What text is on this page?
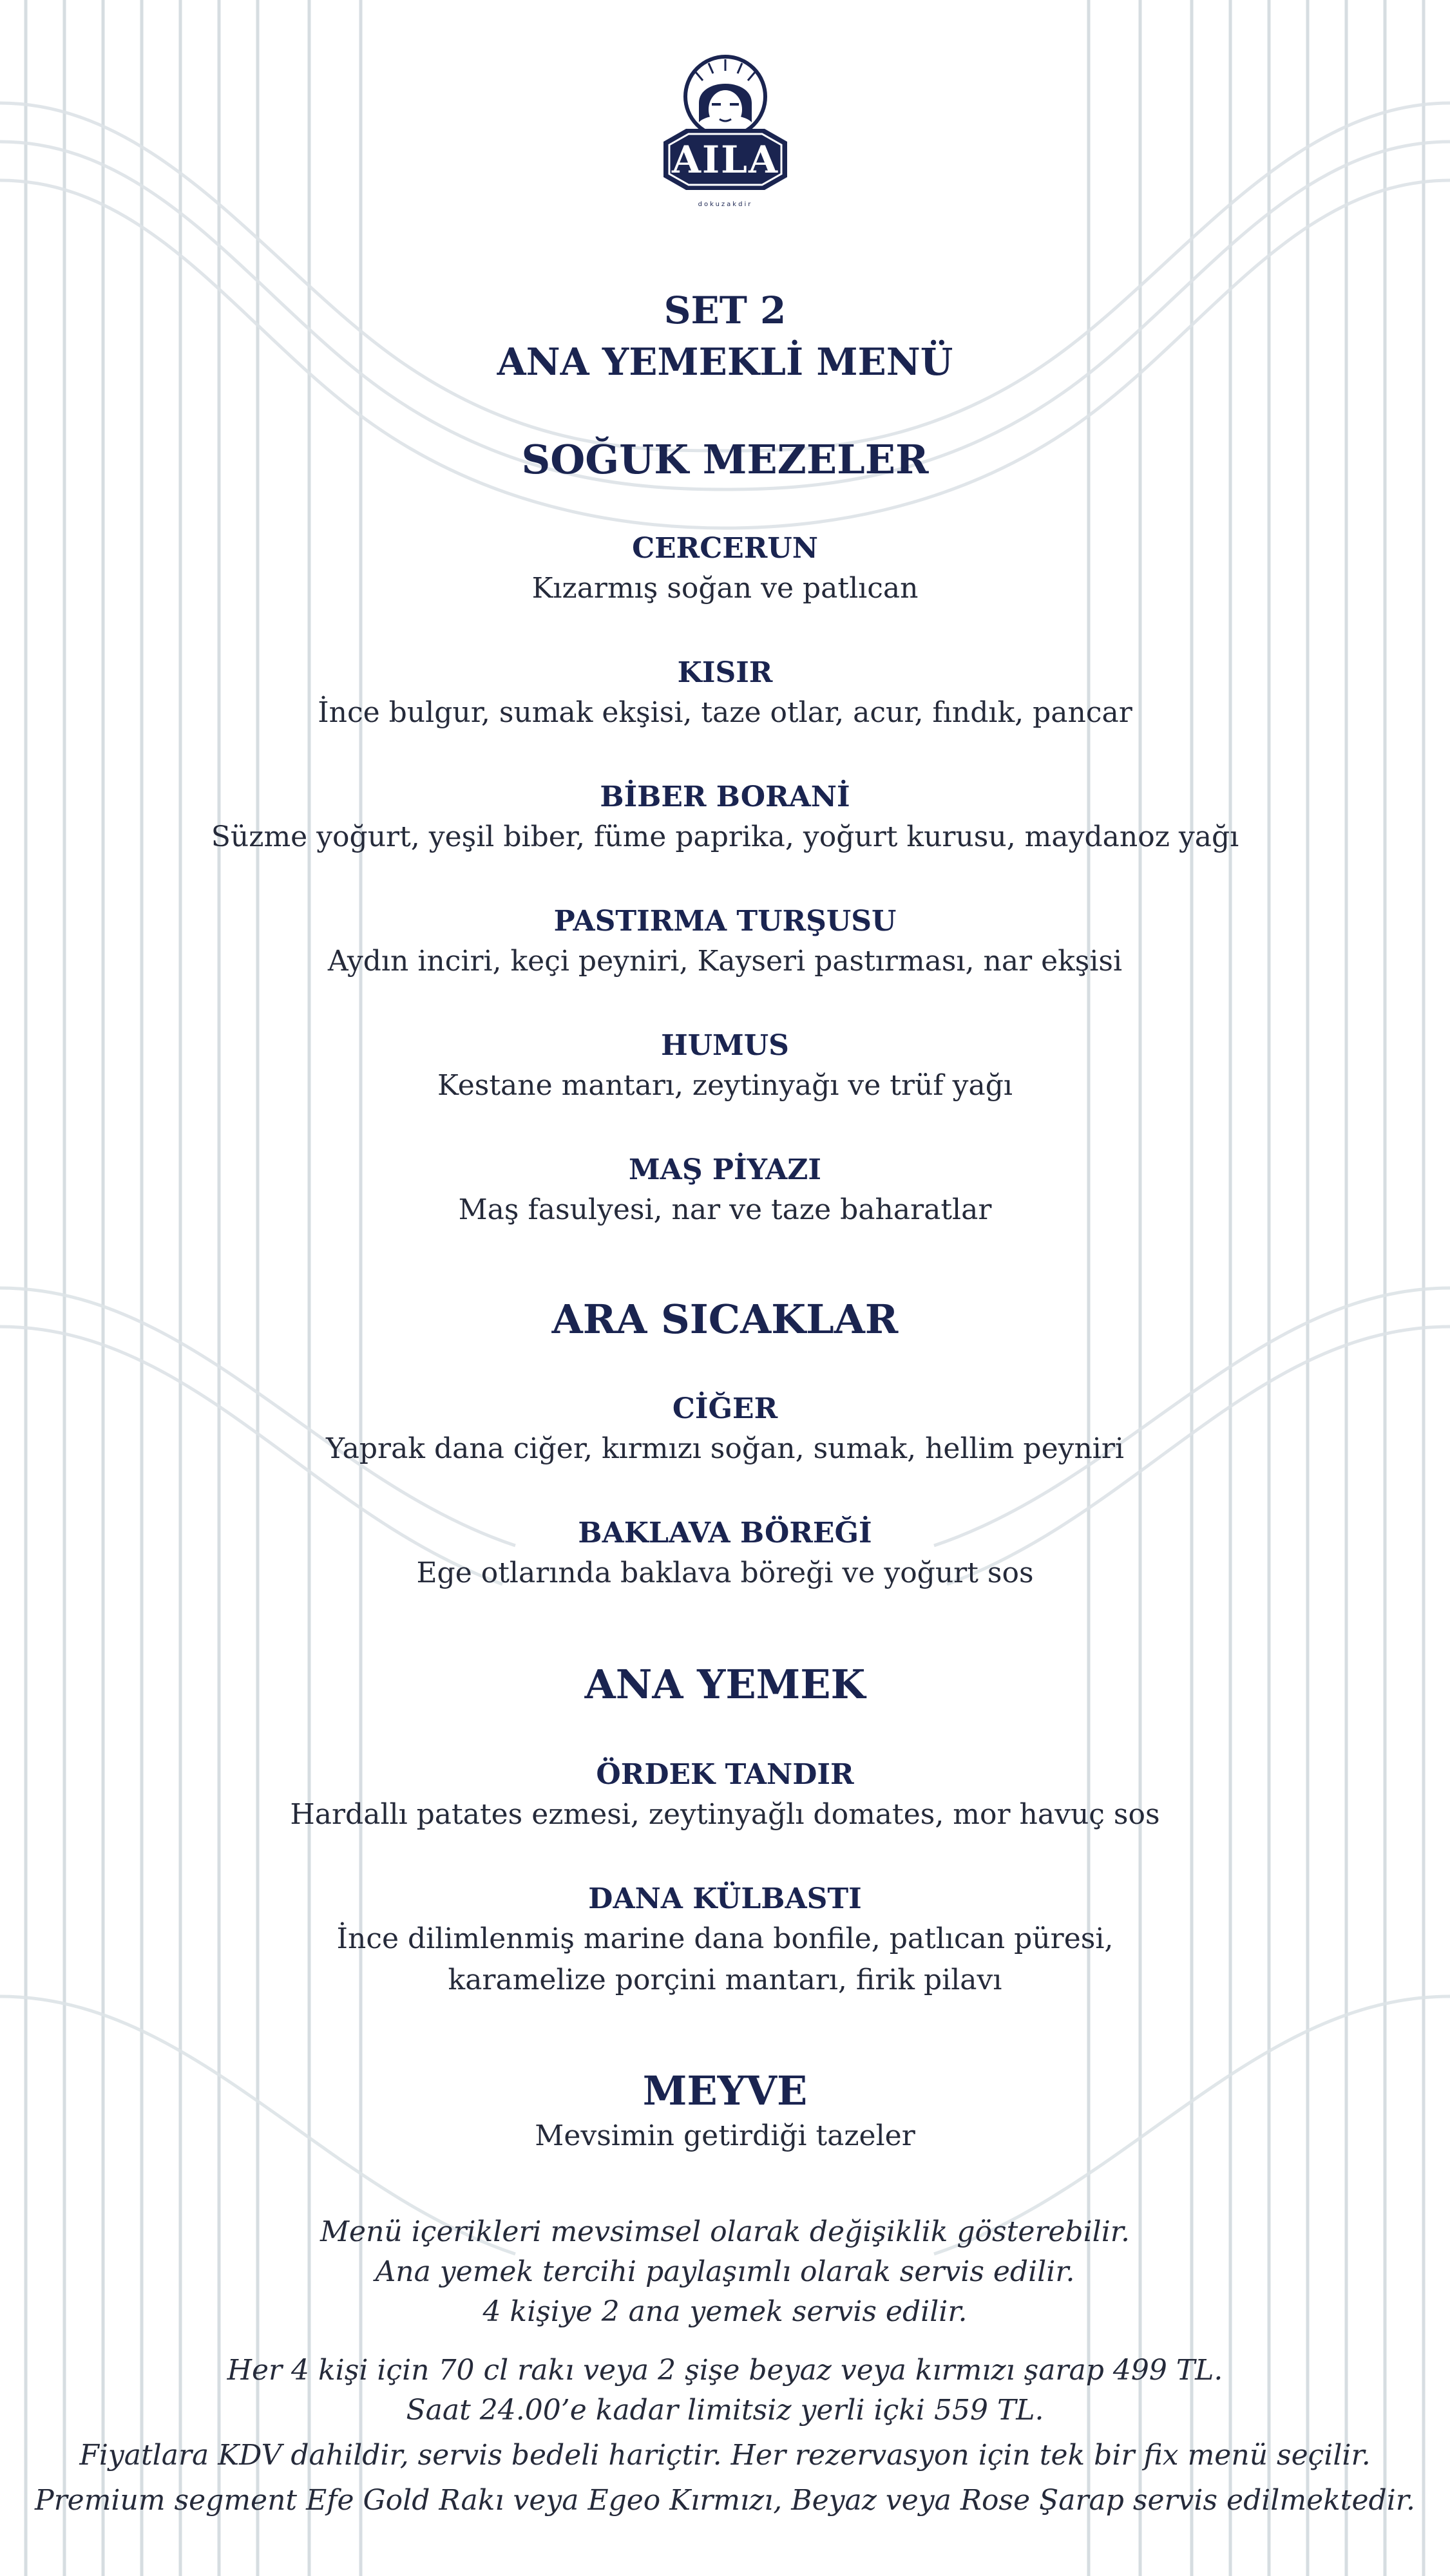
AILA
dokuzakdir
SET 2
ANA YEMEKLİ MENÜ
SOĞUK MEZELER
CERCERUN
Kızarmış soğan ve patlıcan
KISIR
İnce bulgur, sumak ekşisi, taze otlar, acur, fındık, pancar
BİBER BORANİ
Süzme yoğurt, yeşil biber, füme paprika, yoğurt kurusu, maydanoz yağı
PASTIRMA TURŞUSU
Aydın inciri, keçi peyniri, Kayseri pastırması, nar ekşisi
HUMUS
Kestane mantarı, zeytinyağı ve trüf yağı
MAŞ PİYAZI
Maş fasulyesi, nar ve taze baharatlar
ARA SICAKLAR
CİĞER
Yaprak dana ciğer, kırmızı soğan, sumak, hellim peyniri
BAKLAVA BÖREĞİ
Ege otlarında baklava böreği ve yoğurt sos
ANA YEMEK
ÖRDEK TANDIR
Hardallı patates ezmesi, zeytinyağlı domates, mor havuç sos
DANA KÜLBASTI
İnce dilimlenmiş marine dana bonfile, patlıcan püresi,
karamelize porçini mantarı, firik pilavı
MEYVE
Mevsimin getirdiği tazeler
Menü içerikleri mevsimsel olarak değişiklik gösterebilir.
Ana yemek tercihi paylaşımlı olarak servis edilir.
4 kişiye 2 ana yemek servis edilir.
Her 4 kişi için 70 cl rakı veya 2 şişe beyaz veya kırmızı şarap 499 TL.
Saat 24.00’e kadar limitsiz yerli içki 559 TL.
Fiyatlara KDV dahildir, servis bedeli hariçtir. Her rezervasyon için tek bir fix menü seçilir.
Premium segment Efe Gold Rakı veya Egeo Kırmızı, Beyaz veya Rose Şarap servis edilmektedir.
